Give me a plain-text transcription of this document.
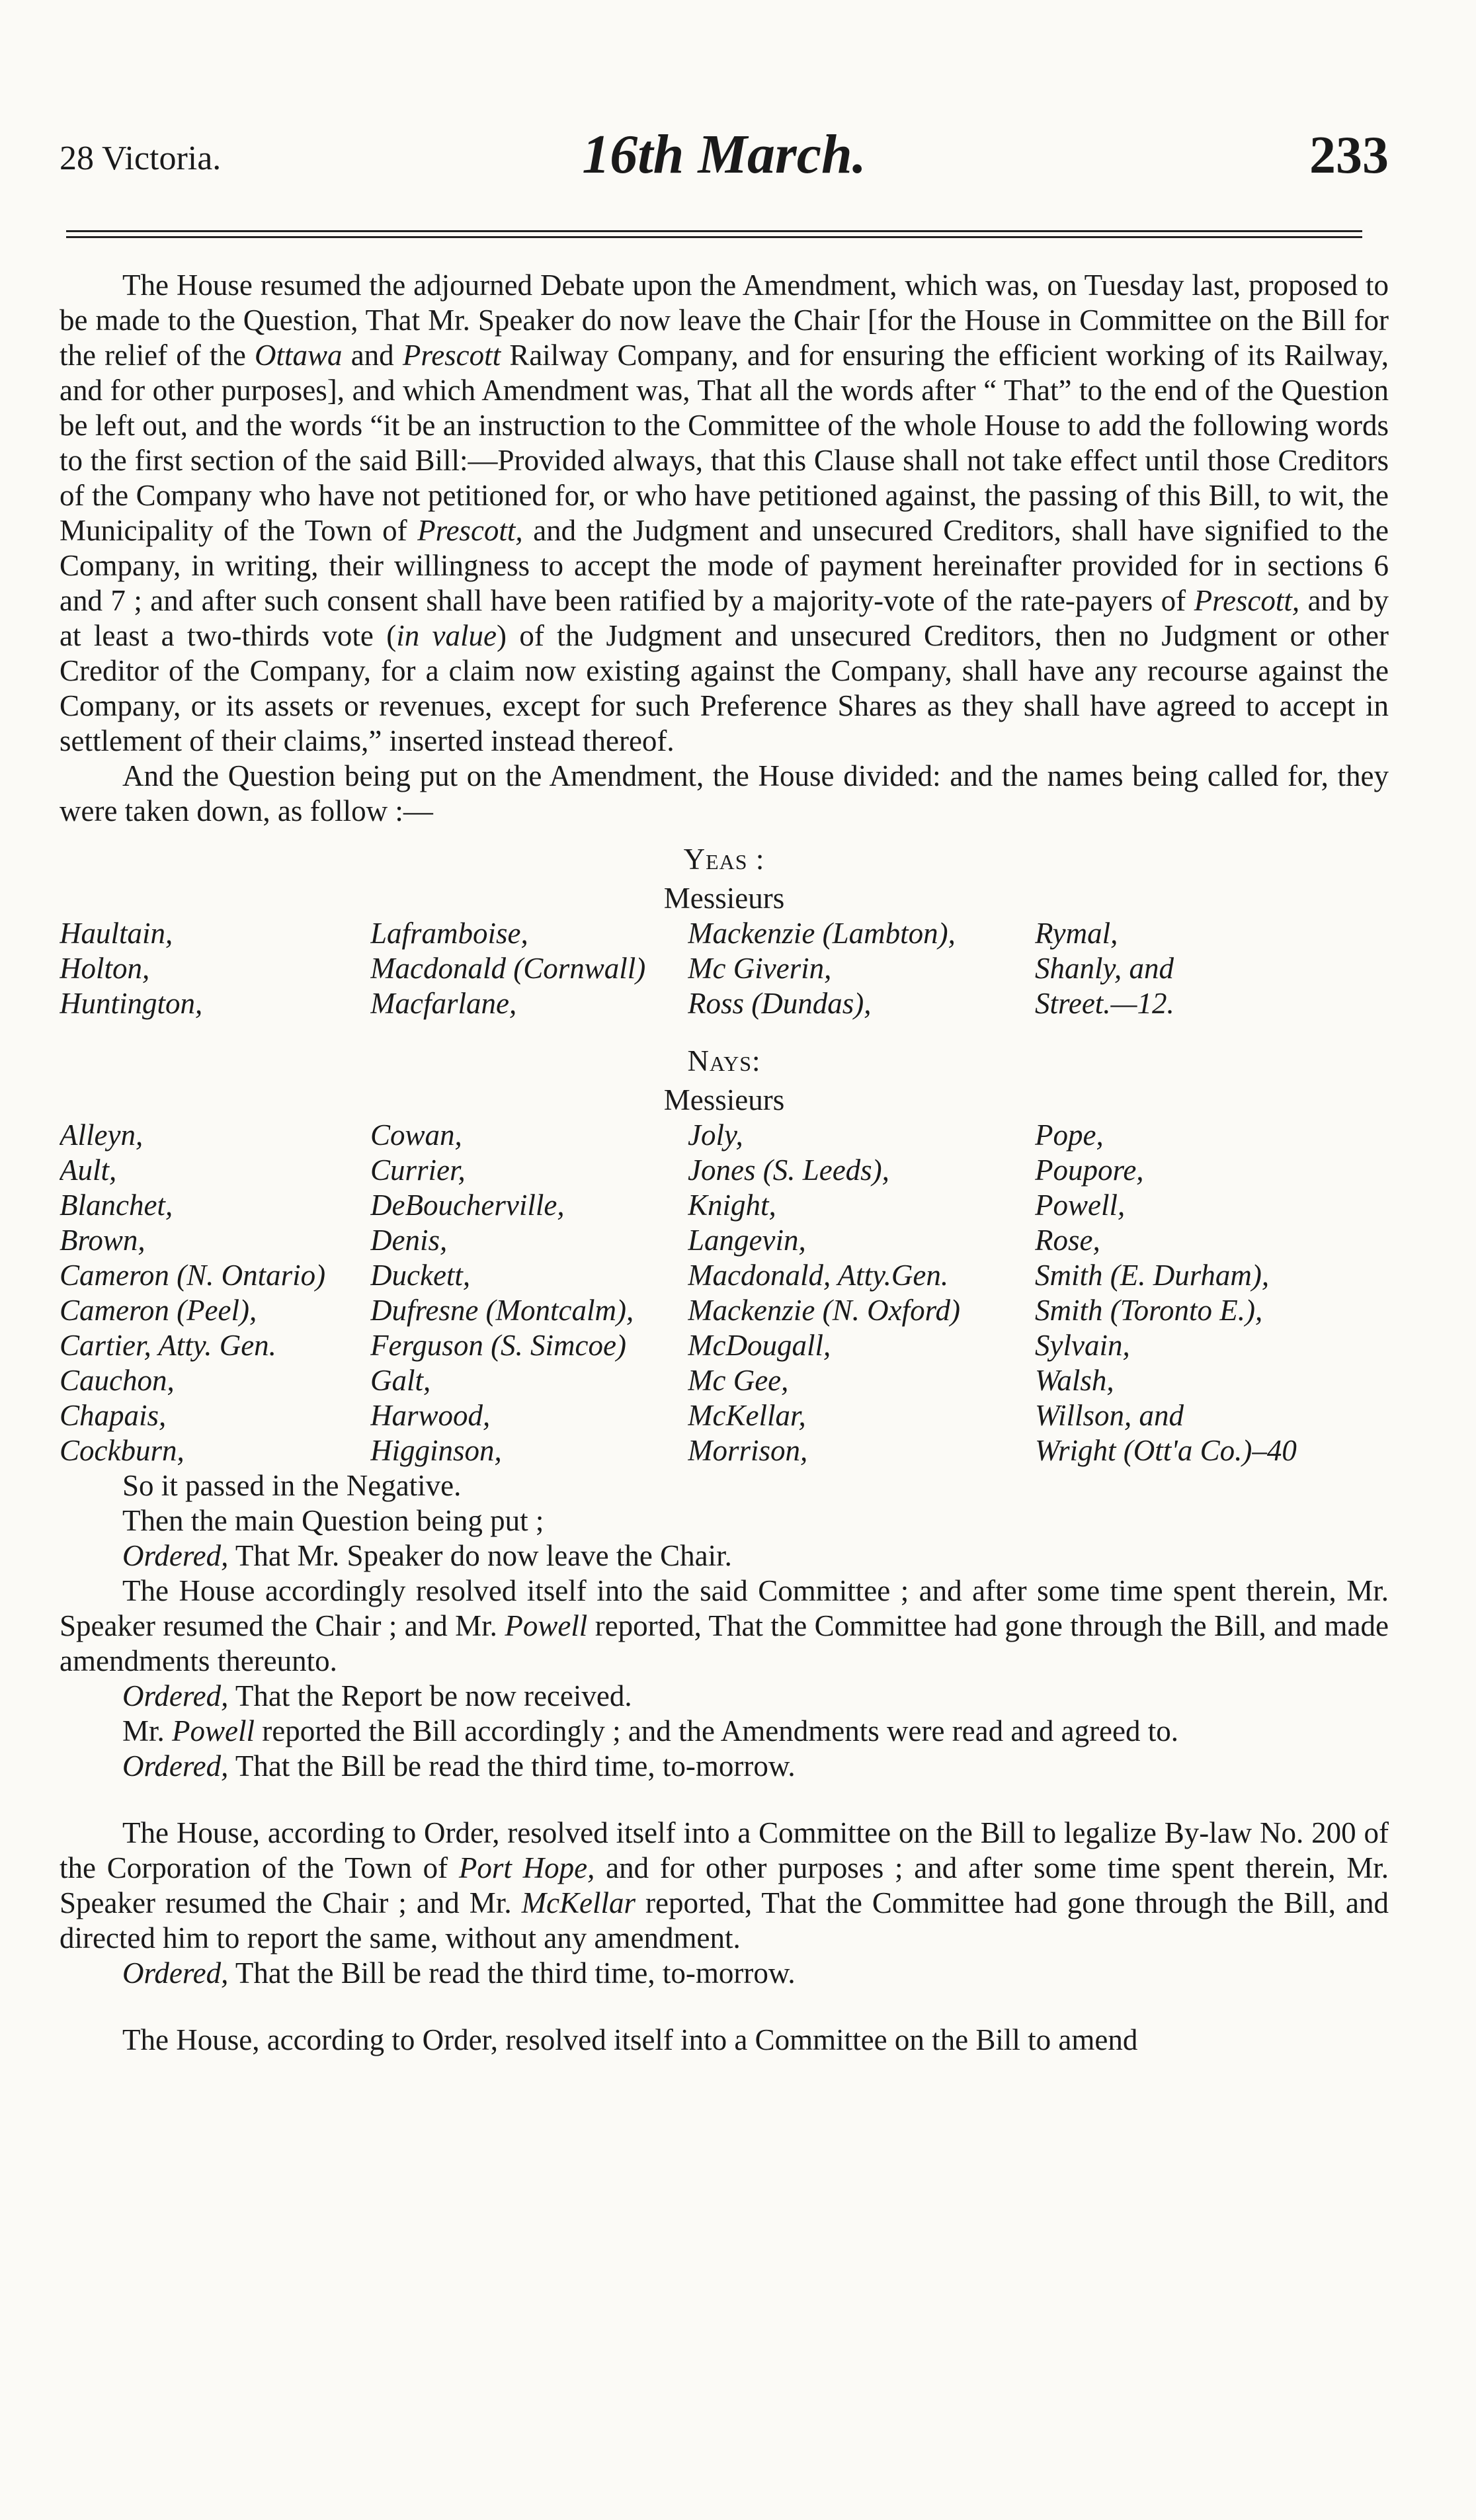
28 Victoria.	16th March.	233

The House resumed the adjourned Debate upon the Amendment, which was, on Tuesday last, proposed to be made to the Question, That Mr. Speaker do now leave the Chair [for the House in Committee on the Bill for the relief of the Ottawa and Prescott Railway Company, and for ensuring the efficient working of its Railway, and for other purposes], and which Amendment was, That all the words after “ That” to the end of the Question be left out, and the words “it be an instruction to the Committee of the whole House to add the following words to the first section of the said Bill:—Provided always, that this Clause shall not take effect until those Creditors of the Company who have not petitioned for, or who have petitioned against, the passing of this Bill, to wit, the Municipality of the Town of Prescott, and the Judgment and unsecured Creditors, shall have signified to the Company, in writing, their willingness to accept the mode of payment hereinafter provided for in sections 6 and 7 ; and after such consent shall have been ratified by a majority-vote of the rate-payers of Prescott, and by at least a two-thirds vote (in value) of the Judgment and unsecured Creditors, then no Judgment or other Creditor of the Company, for a claim now existing against the Company, shall have any recourse against the Company, or its assets or revenues, except for such Preference Shares as they shall have agreed to accept in settlement of their claims,” inserted instead thereof.

And the Question being put on the Amendment, the House divided: and the names being called for, they were taken down, as follow :—

Yeas :

Messieurs

Haultain,	Laframboise,	Mackenzie (Lambton),	Rymal,
Holton,	Macdonald (Cornwall)	Mc Giverin,	Shanly, and
Huntington,	Macfarlane,	Ross (Dundas),	Street.—12.

Nays:

Messieurs

Alleyn,	Cowan,	Joly,	Pope,
Ault,	Currier,	Jones (S. Leeds),	Poupore,
Blanchet,	DeBoucherville,	Knight,	Powell,
Brown,	Denis,	Langevin,	Rose,
Cameron (N. Ontario)	Duckett,	Macdonald, Atty.Gen.	Smith (E. Durham),
Cameron (Peel),	Dufresne (Montcalm),	Mackenzie (N. Oxford)	Smith (Toronto E.),
Cartier, Atty. Gen.	Ferguson (S. Simcoe)	McDougall,	Sylvain,
Cauchon,	Galt,	Mc Gee,	Walsh,
Chapais,	Harwood,	McKellar,	Willson, and
Cockburn,	Higginson,	Morrison,	Wright (Ott'a Co.)–40

So it passed in the Negative.

Then the main Question being put ;

Ordered, That Mr. Speaker do now leave the Chair.

The House accordingly resolved itself into the said Committee ; and after some time spent therein, Mr. Speaker resumed the Chair ; and Mr. Powell reported, That the Committee had gone through the Bill, and made amendments thereunto.

Ordered, That the Report be now received.

Mr. Powell reported the Bill accordingly ; and the Amendments were read and agreed to.

Ordered, That the Bill be read the third time, to-morrow.

The House, according to Order, resolved itself into a Committee on the Bill to legalize By-law No. 200 of the Corporation of the Town of Port Hope, and for other purposes ; and after some time spent therein, Mr. Speaker resumed the Chair ; and Mr. McKellar reported, That the Committee had gone through the Bill, and directed him to report the same, without any amendment.

Ordered, That the Bill be read the third time, to-morrow.

The House, according to Order, resolved itself into a Committee on the Bill to amend
